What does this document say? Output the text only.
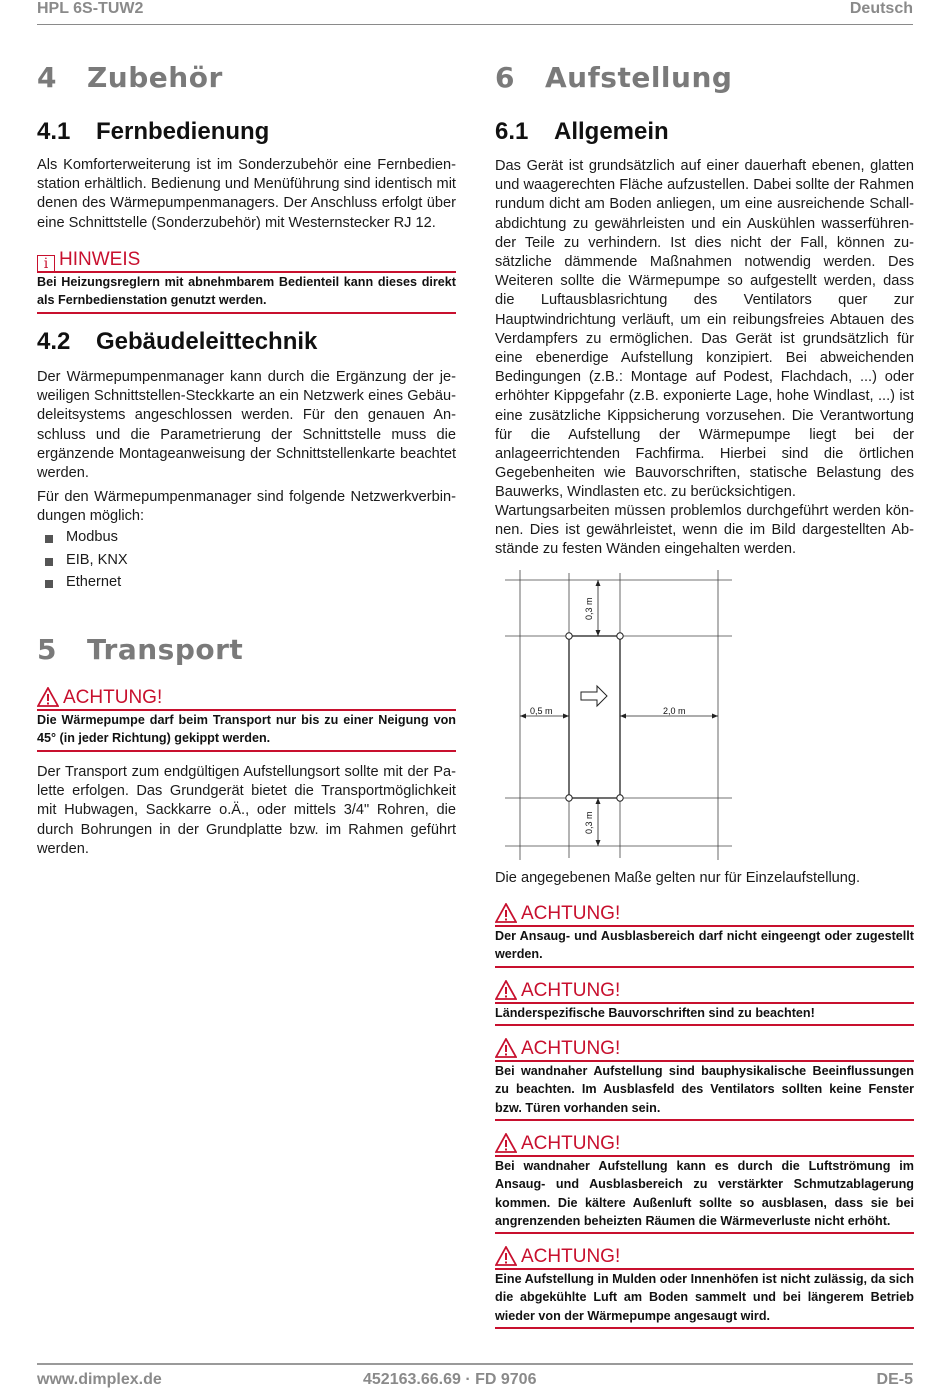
HPL 6S-TUW2	Deutsch
4 Zubehör
4.1 Fernbedienung
Als Komforterweiterung ist im Sonderzubehör eine Fernbedienstation erhältlich. Bedienung und Menüführung sind identisch mit denen des Wärmepumpenmanagers. Der Anschluss erfolgt über eine Schnittstelle (Sonderzubehör) mit Westernstecker RJ 12.
i HINWEIS
Bei Heizungsreglern mit abnehmbarem Bedienteil kann dieses direkt als Fernbedienstation genutzt werden.
4.2 Gebäudeleittechnik
Der Wärmepumpenmanager kann durch die Ergänzung der jeweiligen Schnittstellen-Steckkarte an ein Netzwerk eines Gebäudeleitsystems angeschlossen werden. Für den genauen Anschluss und die Parametrierung der Schnittstelle muss die ergänzende Montageanweisung der Schnittstellenkarte beachtet werden.
Für den Wärmepumpenmanager sind folgende Netzwerkverbindungen möglich:
Modbus
EIB, KNX
Ethernet
5 Transport
ACHTUNG!
Die Wärmepumpe darf beim Transport nur bis zu einer Neigung von 45° (in jeder Richtung) gekippt werden.
Der Transport zum endgültigen Aufstellungsort sollte mit der Palette erfolgen. Das Grundgerät bietet die Transportmöglichkeit mit Hubwagen, Sackkarre o.Ä., oder mittels 3/4" Rohren, die durch Bohrungen in der Grundplatte bzw. im Rahmen geführt werden.
6 Aufstellung
6.1 Allgemein
Das Gerät ist grundsätzlich auf einer dauerhaft ebenen, glatten und waagerechten Fläche aufzustellen. Dabei sollte der Rahmen rundum dicht am Boden anliegen, um eine ausreichende Schallabdichtung zu gewährleisten und ein Auskühlen wasserführender Teile zu verhindern. Ist dies nicht der Fall, können zusätzliche dämmende Maßnahmen notwendig werden. Des Weiteren sollte die Wärmepumpe so aufgestellt werden, dass die Luftausblasrichtung des Ventilators quer zur Hauptwindrichtung verläuft, um ein reibungsfreies Abtauen des Verdampfers zu ermöglichen. Das Gerät ist grundsätzlich für eine ebenerdige Aufstellung konzipiert. Bei abweichenden Bedingungen (z.B.: Montage auf Podest, Flachdach, ...) oder erhöhter Kippgefahr (z.B. exponierte Lage, hohe Windlast, ...) ist eine zusätzliche Kippsicherung vorzusehen. Die Verantwortung für die Aufstellung der Wärmepumpe liegt bei der anlageerrichtenden Fachfirma. Hierbei sind die örtlichen Gegebenheiten wie Bauvorschriften, statische Belastung des Bauwerks, Windlasten etc. zu berücksichtigen.
Wartungsarbeiten müssen problemlos durchgeführt werden können. Dies ist gewährleistet, wenn die im Bild dargestellten Abstände zu festen Wänden eingehalten werden.
0,3 m
0,3 m
0,5 m	2,0 m
Die angegebenen Maße gelten nur für Einzelaufstellung.
ACHTUNG!
Der Ansaug- und Ausblasbereich darf nicht eingeengt oder zugestellt werden.
ACHTUNG!
Länderspezifische Bauvorschriften sind zu beachten!
ACHTUNG!
Bei wandnaher Aufstellung sind bauphysikalische Beeinflussungen zu beachten. Im Ausblasfeld des Ventilators sollten keine Fenster bzw. Türen vorhanden sein.
ACHTUNG!
Bei wandnaher Aufstellung kann es durch die Luftströmung im Ansaug- und Ausblasbereich zu verstärkter Schmutzablagerung kommen. Die kältere Außenluft sollte so ausblasen, dass sie bei angrenzenden beheizten Räumen die Wärmeverluste nicht erhöht.
ACHTUNG!
Eine Aufstellung in Mulden oder Innenhöfen ist nicht zulässig, da sich die abgekühlte Luft am Boden sammelt und bei längerem Betrieb wieder von der Wärmepumpe angesaugt wird.
www.dimplex.de	452163.66.69 · FD 9706	DE-5
